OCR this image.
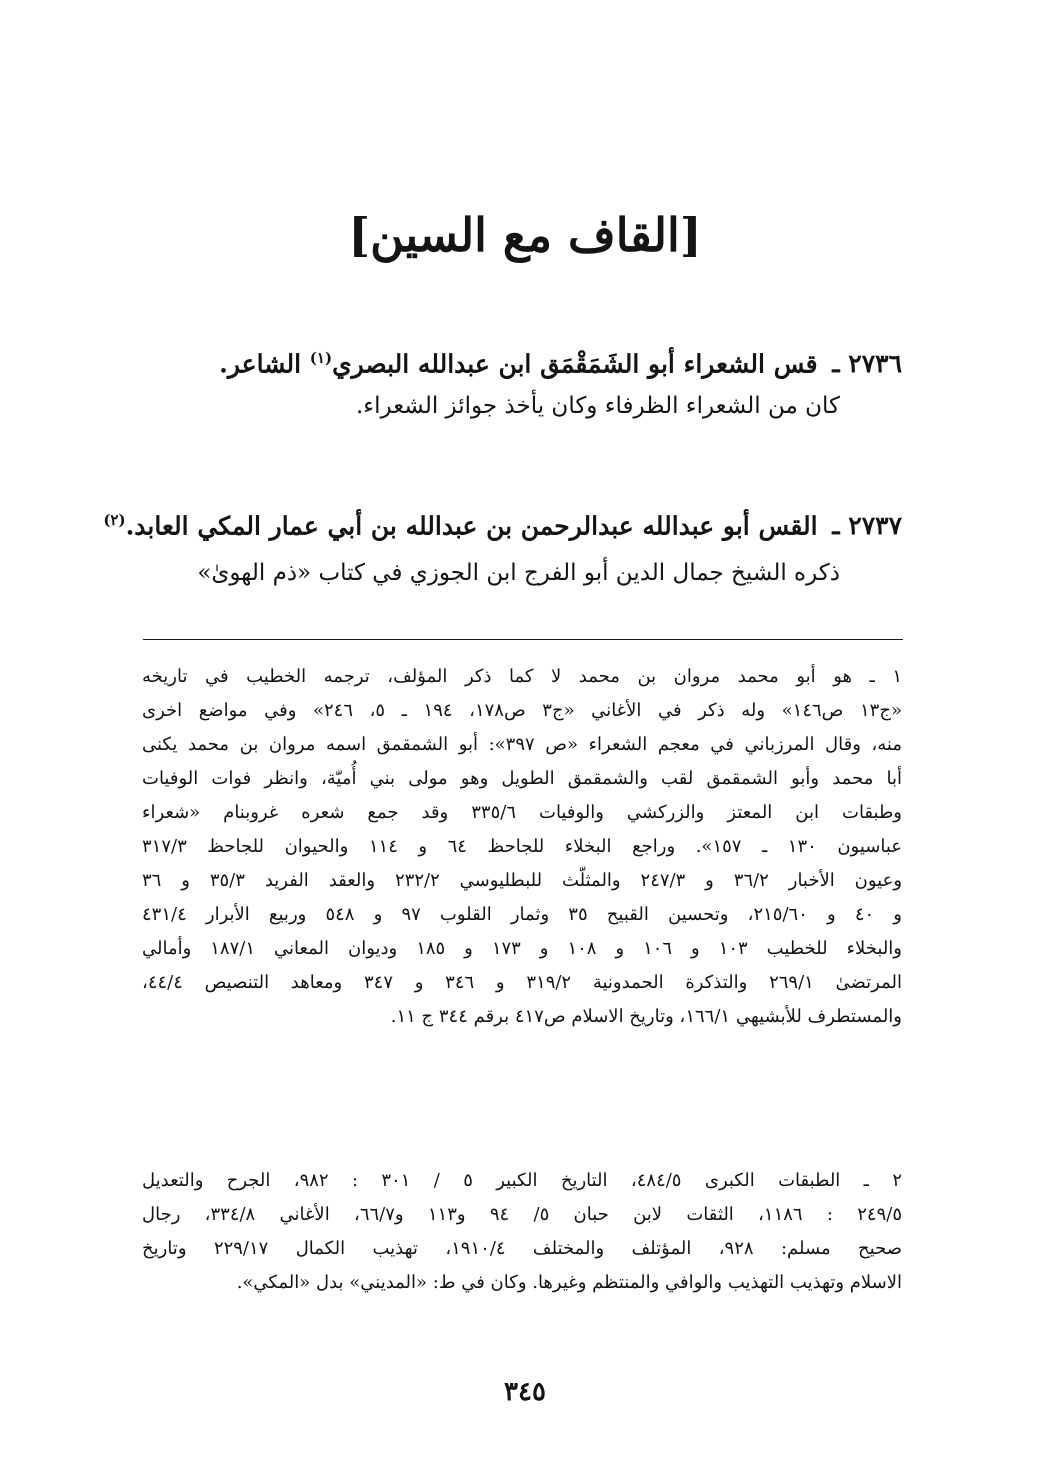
[القاف مع السين]

٢٧٣٦ ـ قس الشعراء أبو الشَمَقْمَق ابن عبدالله البصري$^{(١)}$ الشاعر.

كان من الشعراء الظرفاء وكان يأخذ جوائز الشعراء.

٢٧٣٧ ـ القس أبو عبدالله عبدالرحمن بن عبدالله بن أبي عمار المكي العابد.$^{(٢)}$

ذكره الشيخ جمال الدين أبو الفرج ابن الجوزي في كتاب «ذم الهوىٰ»

١ ـ هو أبو محمد مروان بن محمد لا كما ذكر المؤلف، ترجمه الخطيب في تاريخه

«ج١٣ ص١٤٦» وله ذكر في الأغاني «ج٣ ص١٧٨، ١٩٤ ـ ٥، ٢٤٦» وفي مواضع اخرى

منه، وقال المرزباني في معجم الشعراء «ص ٣٩٧»: أبو الشمقمق اسمه مروان بن محمد يكنى

أبا محمد وأبو الشمقمق لقب والشمقمق الطويل وهو مولى بني أُميّة، وانظر فوات الوفيات

وطبقات ابن المعتز والزركشي والوفيات ٣٣٥/٦ وقد جمع شعره غروبنام «شعراء

عباسيون ١٣٠ ـ ١٥٧». وراجع البخلاء للجاحظ ٦٤ و ١١٤ والحيوان للجاحظ ٣١٧/٣

وعيون الأخبار ٣٦/٢ و ٢٤٧/٣ والمثلّث للبطليوسي ٢٣٢/٢ والعقد الفريد ٣٥/٣ و ٣٦

و ٤٠ و ٢١٥/٦٠، وتحسين القبيح ٣٥ وثمار القلوب ٩٧ و ٥٤٨ وربيع الأبرار ٤٣١/٤

والبخلاء للخطيب ١٠٣ و ١٠٦ و ١٠٨ و ١٧٣ و ١٨٥ وديوان المعاني ١٨٧/١ وأمالي

المرتضىٰ ٢٦٩/١ والتذكرة الحمدونية ٣١٩/٢ و ٣٤٦ و ٣٤٧ ومعاهد التنصيص ٤٤/٤،

والمستطرف للأبشيهي ١٦٦/١، وتاريخ الاسلام ص٤١٧ برقم ٣٤٤ ج ١١.

٢ ـ الطبقات الكبرى ٤٨٤/٥، التاريخ الكبير ٥ / ٣٠١ : ٩٨٢، الجرح والتعديل

٢٤٩/٥ : ١١٨٦، الثقات لابن حبان ٥/ ٩٤ و١١٣ و٦٦/٧، الأغاني ٣٣٤/٨، رجال

صحيح مسلم: ٩٢٨، المؤتلف والمختلف ١٩١٠/٤، تهذيب الكمال ٢٢٩/١٧ وتاريخ

الاسلام وتهذيب التهذيب والوافي والمنتظم وغيرها. وكان في ط: «المديني» بدل «المكي».

٣٤٥
